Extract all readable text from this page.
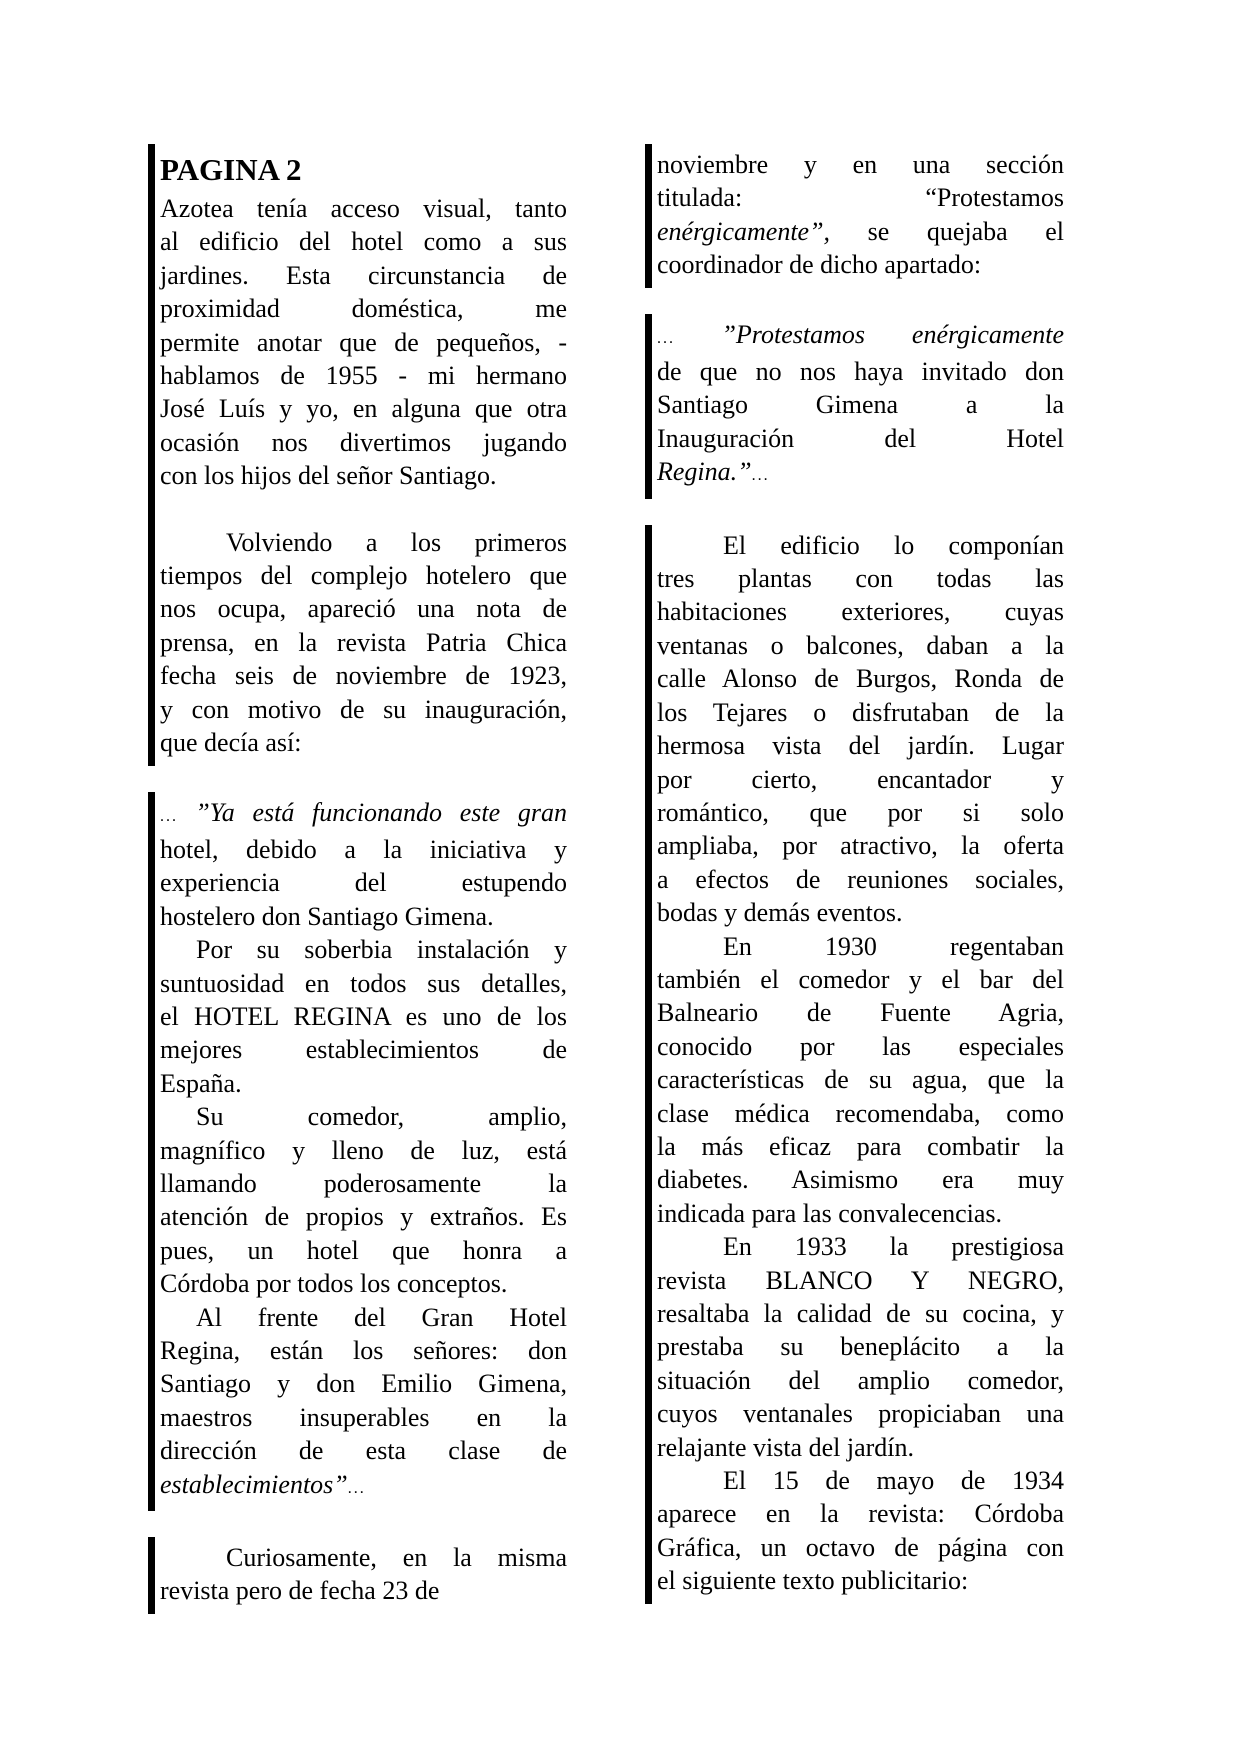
PAGINA 2
Azotea tenía acceso visual, tanto
al edificio del hotel como a sus
jardines. Esta circunstancia de
proximidad doméstica, me
permite anotar que de pequeños, -
hablamos de 1955 - mi hermano
José Luís y yo, en alguna que otra
ocasión nos divertimos jugando
con los hijos del señor Santiago.
Volviendo a los primeros
tiempos del complejo hotelero que
nos ocupa, apareció una nota de
prensa, en la revista Patria Chica
fecha seis de noviembre de 1923,
y con motivo de su inauguración,
que decía así:
... ”Ya está funcionando este gran
hotel, debido a la iniciativa y
experiencia del estupendo
hostelero don Santiago Gimena.
Por su soberbia instalación y
suntuosidad en todos sus detalles,
el HOTEL REGINA es uno de los
mejores establecimientos de
España.
Su comedor, amplio,
magnífico y lleno de luz, está
llamando poderosamente la
atención de propios y extraños. Es
pues, un hotel que honra a
Córdoba por todos los conceptos.
Al frente del Gran Hotel
Regina, están los señores: don
Santiago y don Emilio Gimena,
maestros insuperables en la
dirección de esta clase de
establecimientos”...
Curiosamente, en la misma
revista pero de fecha 23 de
noviembre y en una sección
titulada: “Protestamos
enérgicamente”, se quejaba el
coordinador de dicho apartado:
... ”Protestamos enérgicamente
de que no nos haya invitado don
Santiago Gimena a la
Inauguración del Hotel
Regina.”...
El edificio lo componían
tres plantas con todas las
habitaciones exteriores, cuyas
ventanas o balcones, daban a la
calle Alonso de Burgos, Ronda de
los Tejares o disfrutaban de la
hermosa vista del jardín. Lugar
por cierto, encantador y
romántico, que por si solo
ampliaba, por atractivo, la oferta
a efectos de reuniones sociales,
bodas y demás eventos.
En 1930 regentaban
también el comedor y el bar del
Balneario de Fuente Agria,
conocido por las especiales
características de su agua, que la
clase médica recomendaba, como
la más eficaz para combatir la
diabetes. Asimismo era muy
indicada para las convalecencias.
En 1933 la prestigiosa
revista BLANCO Y NEGRO,
resaltaba la calidad de su cocina, y
prestaba su beneplácito a la
situación del amplio comedor,
cuyos ventanales propiciaban una
relajante vista del jardín.
El 15 de mayo de 1934
aparece en la revista: Córdoba
Gráfica, un octavo de página con
el siguiente texto publicitario:
